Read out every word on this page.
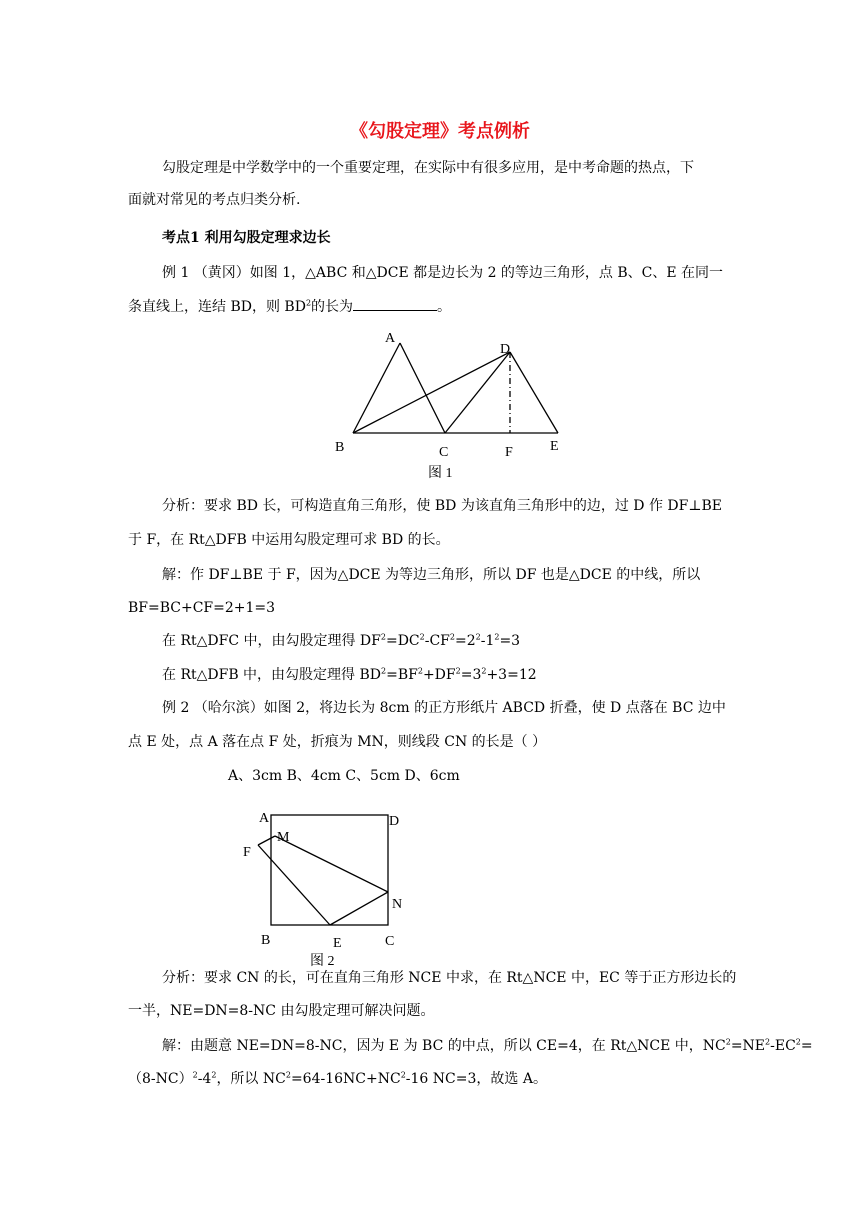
《勾股定理》考点例析
勾股定理是中学数学中的一个重要定理，在实际中有很多应用，是中考命题的热点，下
面就对常见的考点归类分析.
考点1 利用勾股定理求边长
例 1 （黄冈）如图 1，△ABC 和△DCE 都是边长为 2 的等边三角形，点 B、C、E 在同一
条直线上，连结 BD，则 $BD^2$的长为	。
A
D
B	C	F	E
图 1
分析：要求 BD 长，可构造直角三角形，使 BD 为该直角三角形中的边，过 D 作 DF⊥BE
于 F，在 Rt△DFB 中运用勾股定理可求 BD 的长。
解：作 DF⊥BE 于 F，因为△DCE 为等边三角形，所以 DF 也是△DCE 的中线，所以
BF=BC+CF=2+1=3
在 Rt△DFC 中，由勾股定理得 $DF^2=DC^2-CF^2=2^2-1^2=3$
在 Rt△DFB 中，由勾股定理得 $BD^2=BF^2+DF^2=3^2+3=12$
例 2 （哈尔滨）如图 2，将边长为 8cm 的正方形纸片 ABCD 折叠，使 D 点落在 BC 边中
点 E 处，点 A 落在点 F 处，折痕为 MN，则线段 CN 的长是（ ）
A、3cm B、4cm C、5cm D、6cm
A
M
D
F
N
B	E	C
图 2
分析：要求 CN 的长，可在直角三角形 NCE 中求，在 Rt△NCE 中，EC 等于正方形边长的
一半，NE=DN=8-NC 由勾股定理可解决问题。
解：由题意 NE=DN=8-NC，因为 E 为 BC 的中点，所以 CE=4，在 Rt△NCE 中，$NC^2=NE^2-EC^2=$
$(8-NC)^2-4^2$，所以 $NC^2=64-16NC+NC^2-16$ NC=3，故选 A。
